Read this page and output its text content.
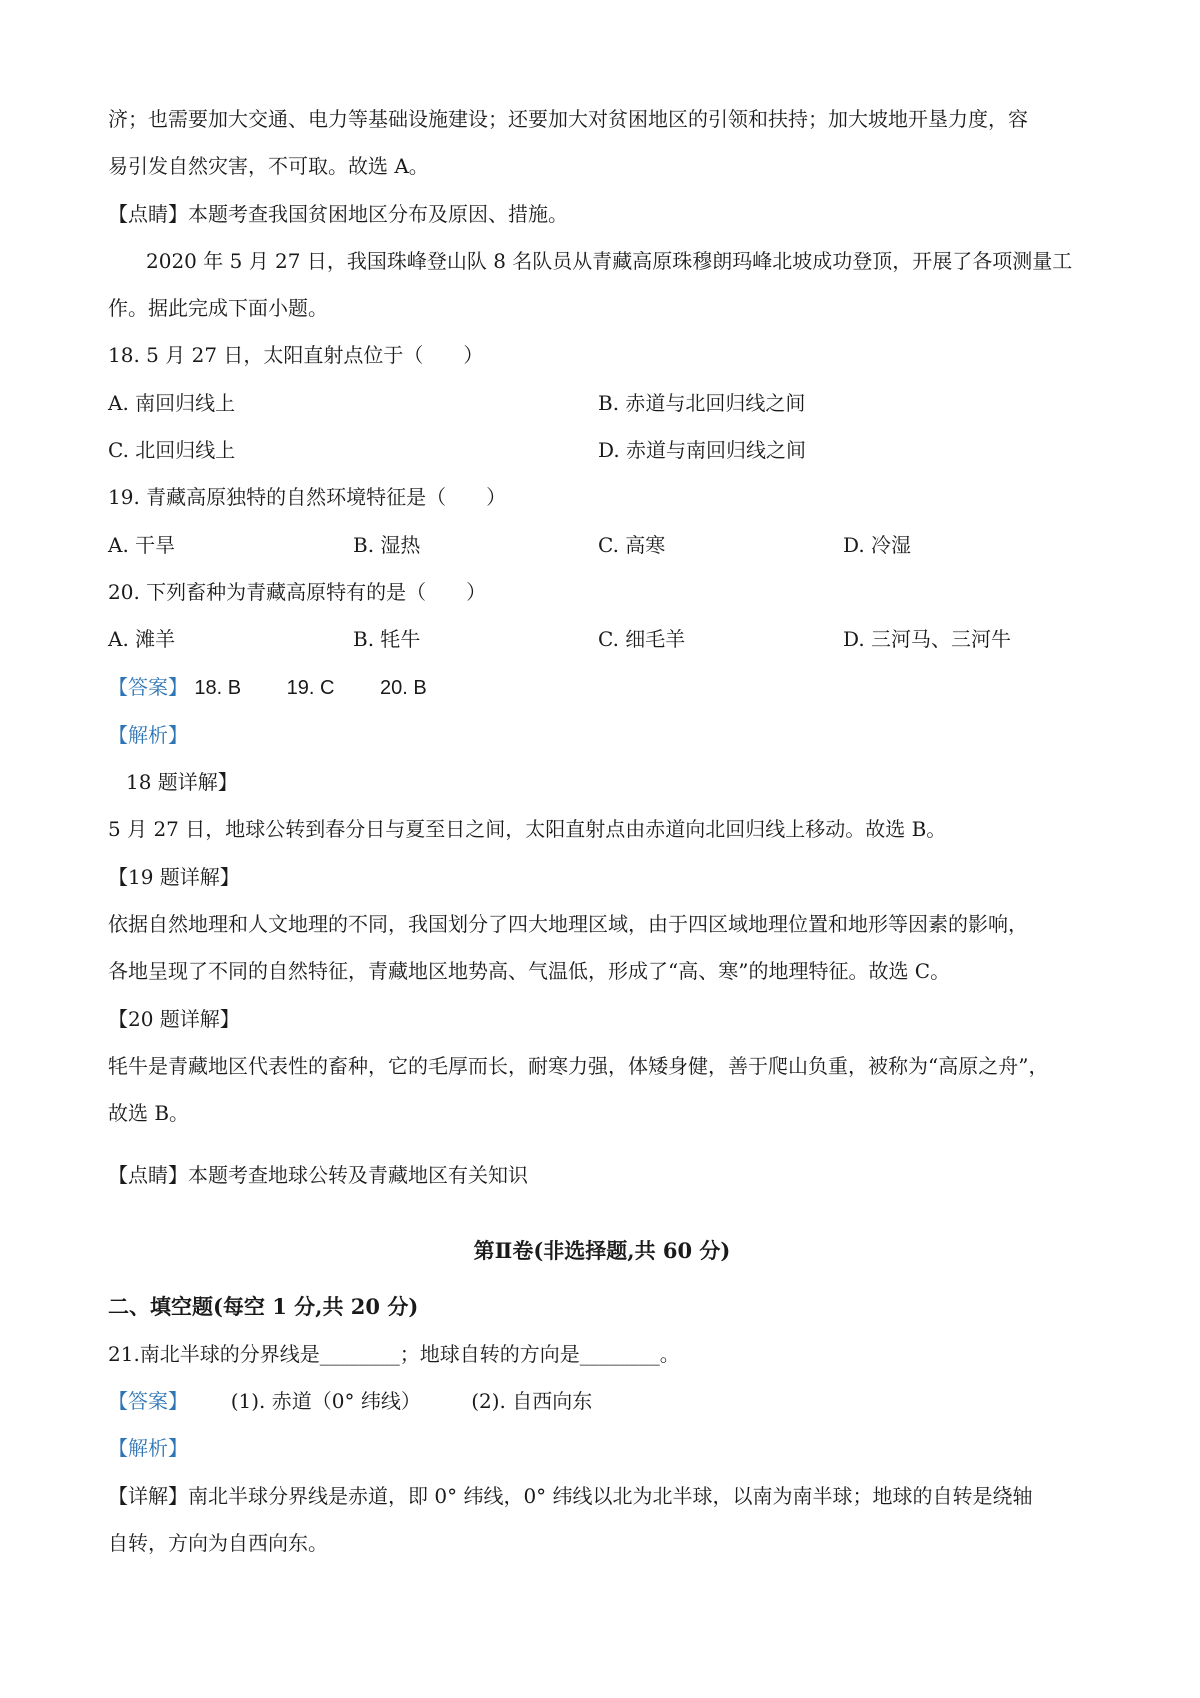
济；也需要加大交通、电力等基础设施建设；还要加大对贫困地区的引领和扶持；加大坡地开垦力度，容
易引发自然灾害，不可取。故选 A。
【点睛】本题考查我国贫困地区分布及原因、措施。
2020 年 5 月 27 日，我国珠峰登山队 8 名队员从青藏高原珠穆朗玛峰北坡成功登顶，开展了各项测量工
作。据此完成下面小题。
18. 5 月 27 日，太阳直射点位于（　　）
A. 南回归线上	B. 赤道与北回归线之间
C. 北回归线上	D. 赤道与南回归线之间
19. 青藏高原独特的自然环境特征是（　　）
A. 干旱	B. 湿热	C. 高寒	D. 冷湿
20. 下列畜种为青藏高原特有的是（　　）
A. 滩羊	B. 牦牛	C. 细毛羊	D. 三河马、三河牛
【答案】 18. B 19. C 20. B
【解析】
18 题详解】
5 月 27 日，地球公转到春分日与夏至日之间，太阳直射点由赤道向北回归线上移动。故选 B。
【19 题详解】
依据自然地理和人文地理的不同，我国划分了四大地理区域，由于四区域地理位置和地形等因素的影响，
各地呈现了不同的自然特征，青藏地区地势高、气温低，形成了“高、寒”的地理特征。故选 C。
【20 题详解】
牦牛是青藏地区代表性的畜种，它的毛厚而长，耐寒力强，体矮身健，善于爬山负重，被称为“高原之舟”，
故选 B。
【点睛】本题考查地球公转及青藏地区有关知识
第Ⅱ卷(非选择题,共 60 分)
二、填空题(每空 1 分,共 20 分)
21.南北半球的分界线是________；地球自转的方向是________。
【答案】 (1). 赤道（0° 纬线）	(2). 自西向东
【解析】
【详解】南北半球分界线是赤道，即 0° 纬线，0° 纬线以北为北半球，以南为南半球；地球的自转是绕轴
自转，方向为自西向东。
